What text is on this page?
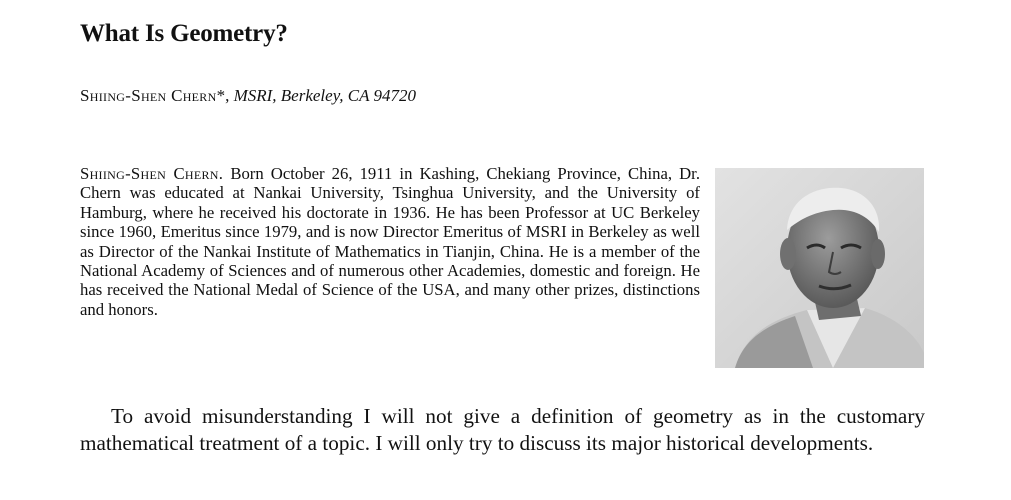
What Is Geometry?
Shiing-Shen Chern*, MSRI, Berkeley, CA 94720

Shiing-Shen Chern. Born October 26, 1911 in Kashing, Chekiang Province, China, Dr. Chern was educated at Nankai University, Tsinghua University, and the University of Hamburg, where he received his doctorate in 1936. He has been Professor at UC Berkeley since 1960, Emeritus since 1979, and is now Director Emeritus of MSRI in Berkeley as well as Director of the Nankai Institute of Mathematics in Tianjin, China. He is a member of the National Academy of Sciences and of numerous other Academies, domestic and foreign. He has received the National Medal of Science of the USA, and many other prizes, distinctions and honors.

To avoid misunderstanding I will not give a definition of geometry as in the customary mathematical treatment of a topic. I will only try to discuss its major historical developments.
